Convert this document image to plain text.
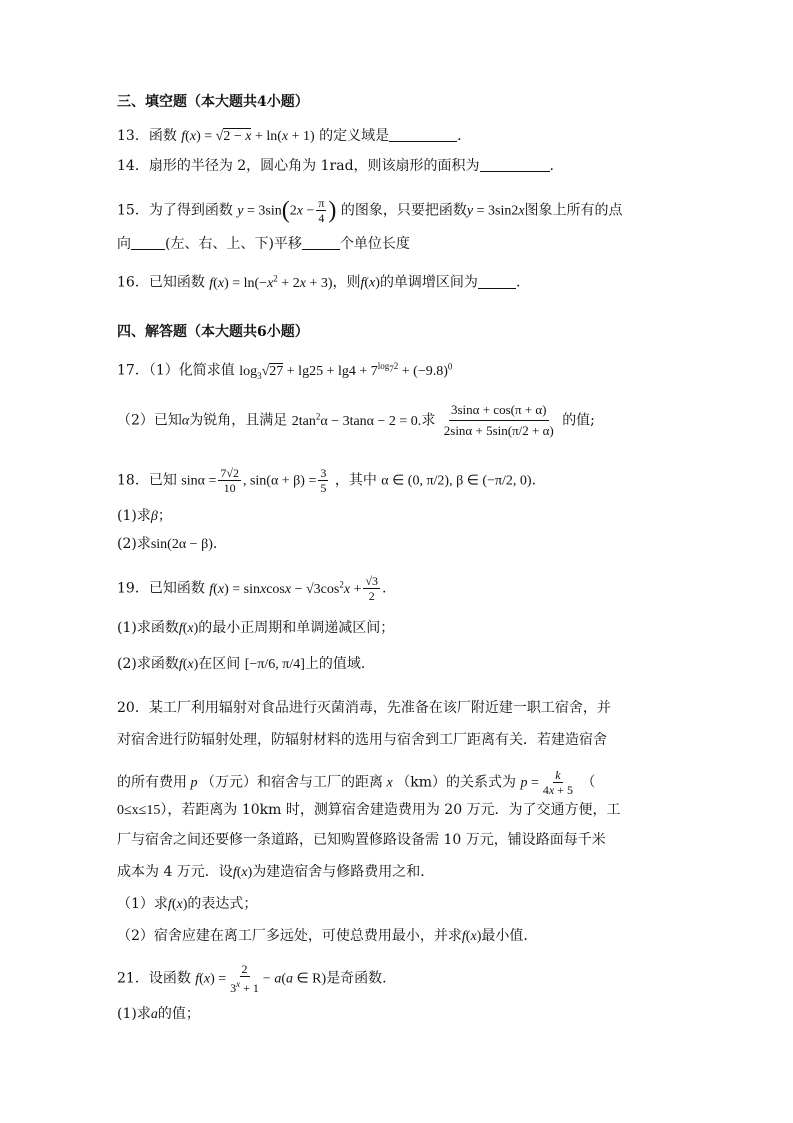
三、填空题（本大题共4小题）
13．函数 f(x) = √2 − x + ln(x + 1) 的定义域是	．
14．扇形的半径为 2，圆心角为 1rad，则该扇形的面积为	.
15．为了得到函数 $y = 3\sin(2x - \frac{\pi}{4}$ ) 的图象，只要把函数y = 3sin2x图象上所有的点
向 (左、右、上、下)平移	个单位长度
16．已知函数 $f(x) = \ln(-x^2 + 2x + 3)$，则f(x)的单调增区间为	.
四、解答题（本大题共6小题）
17．（1）化简求值 $\log_3√27 + \lg 25 + \lg 4 + 7^{log_72} + (-9.8)^0$
（2）已知α为锐角，且满足 $2\tan^2\alpha - 3\tan\alpha - 2 = 0$.求 $\frac{3\sin\alpha + \cos(\pi + \alpha)}{2\sin\alpha + 5\sin(\pi/2 + \alpha)}$ 的值;
18．已知 $\sin\alpha = \frac{7√2}{10}$ , $\sin(\alpha + \beta) = \frac{3}{5}$ ，其中 α ∈ (0, π/2), β ∈ (−π/2, 0).
(1)求β；
(2)求sin(2α − β).
19．已知函数 f(x) = sinxcosx − $√3\cos^2x + \frac{√3}{2}$ .
(1)求函数f(x)的最小正周期和单调递减区间；
(2)求函数f(x)在区间 [−π/6, π/4]上的值域.
20．某工厂利用辐射对食品进行灭菌消毒，先准备在该厂附近建一职工宿舍，并
对宿舍进行防辐射处理，防辐射材料的选用与宿舍到工厂距离有关．若建造宿舍
的所有费用 p （万元）和宿舍与工厂的距离 x （km）的关系式为 $p = \frac{k}{4x + 5}$ （
0≤x≤15），若距离为 10km 时，测算宿舍建造费用为 20 万元．为了交通方便，工
厂与宿舍之间还要修一条道路，已知购置修路设备需 10 万元，铺设路面每千米
成本为 4 万元．设f(x)为建造宿舍与修路费用之和．
（1）求f(x)的表达式；
（2）宿舍应建在离工厂多远处，可使总费用最小，并求f(x)最小值．
21．设函数 $f(x) = \frac{2}{3^x + 1} - a(a$ ∈ R)是奇函数.
(1)求a的值；
